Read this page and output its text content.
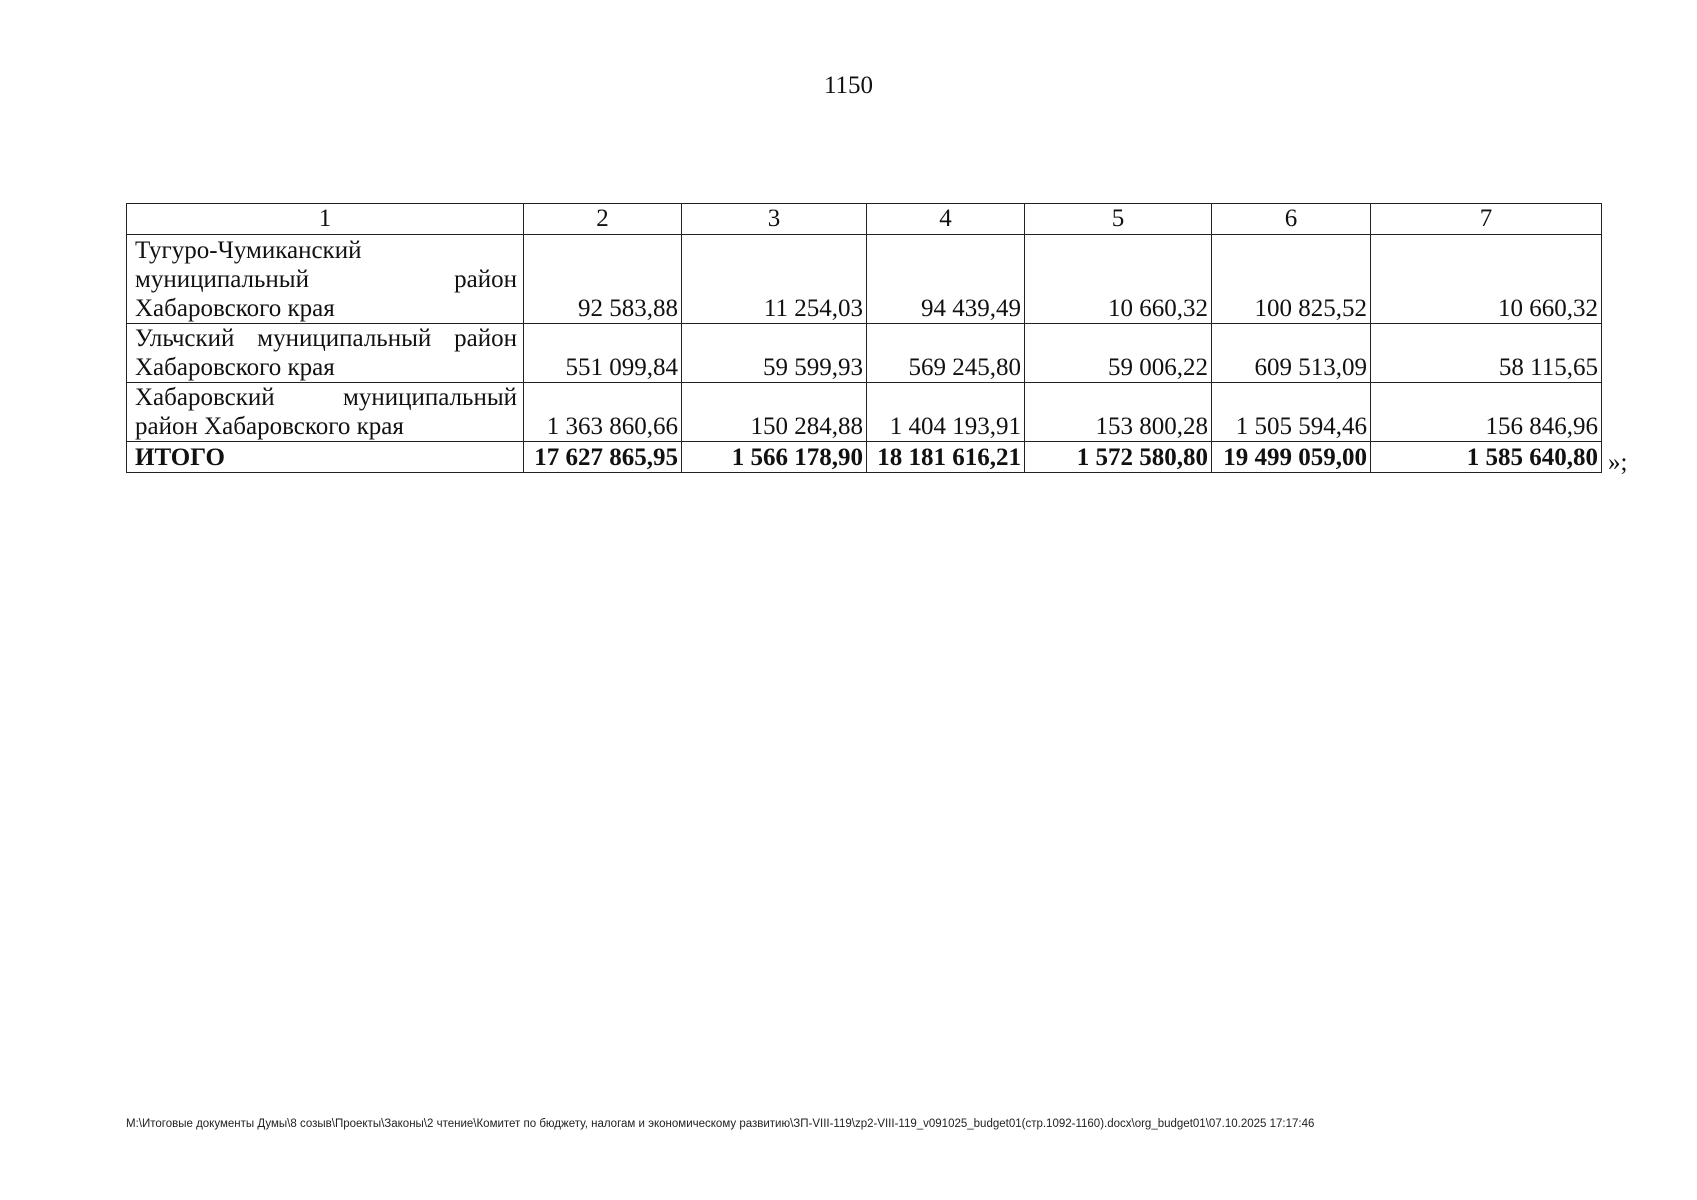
1150
1	2	3	4	5	6	7
Тугуро-Чумиканский муниципальный район Хабаровского края	92 583,88	11 254,03	94 439,49	10 660,32	100 825,52	10 660,32
Ульчский муниципальный район Хабаровского края	551 099,84	59 599,93	569 245,80	59 006,22	609 513,09	58 115,65
Хабаровский муниципальный район Хабаровского края	1 363 860,66	150 284,88	1 404 193,91	153 800,28	1 505 594,46	156 846,96
ИТОГО	17 627 865,95	1 566 178,90	18 181 616,21	1 572 580,80	19 499 059,00	1 585 640,80 »;
M:\Итоговые документы Думы\8 созыв\Проекты\Законы\2 чтение\Комитет по бюджету, налогам и экономическому развитию\ЗП-VIII-119\zp2-VIII-119_v091025_budget01(стр.1092-1160).docx\org_budget01\07.10.2025 17:17:46
